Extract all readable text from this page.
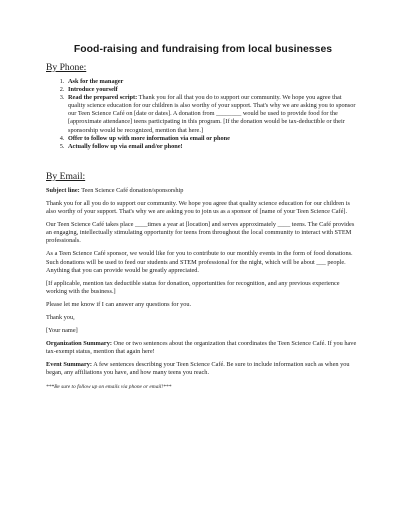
Food-raising and fundraising from local businesses
By Phone:
1. Ask for the manager
2. Introduce yourself
3. Read the prepared script: Thank you for all that you do to support our community. We hope you agree that quality science education for our children is also worthy of your support. That's why we are asking you to sponsor our Teen Science Café on [date or dates]. A donation from ________ would be used to provide food for the [approximate attendance] teens participating in this program. [If the donation would be tax-deductible or their sponsorship would be recognized, mention that here.]
4. Offer to follow up with more information via email or phone
5. Actually follow up via email and/or phone!
By Email:

Subject line: Teen Science Café donation/sponsorship

Thank you for all you do to support our community. We hope you agree that quality science education for our children is also worthy of your support. That's why we are asking you to join us as a sponsor of [name of your Teen Science Café].

Our Teen Science Café takes place ____times a year at [location] and serves approximately ____ teens. The Café provides an engaging, intellectually stimulating opportunity for teens from throughout the local community to interact with STEM professionals.

As a Teen Science Café sponsor, we would like for you to contribute to our monthly events in the form of food donations. Such donations will be used to feed our students and STEM professional for the night, which will be about ___ people. Anything that you can provide would be greatly appreciated.

[If applicable, mention tax deductible status for donation, opportunities for recognition, and any previous experience working with the business.]

Please let me know if I can answer any questions for you.

Thank you,

[Your name]

Organization Summary: One or two sentences about the organization that coordinates the Teen Science Café. If you have tax-exempt status, mention that again here!

Event Summary: A few sentences describing your Teen Science Café. Be sure to include information such as when you began, any affiliations you have, and how many teens you reach.

***Be sure to follow up on emails via phone or email!***
